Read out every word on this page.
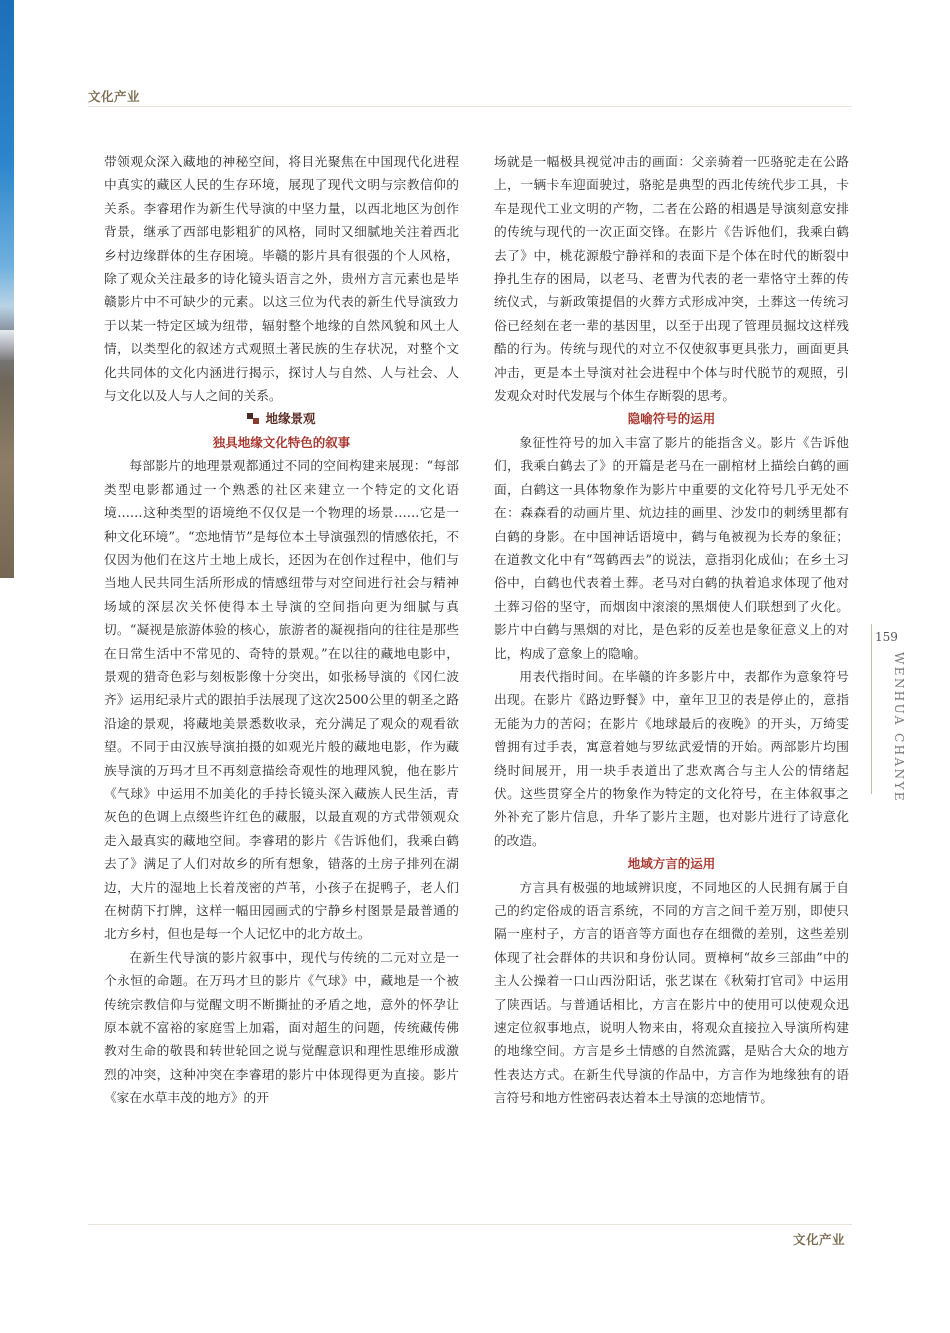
文化产业

带领观众深入藏地的神秘空间，将目光聚焦在中国现代化进程中真实的藏区人民的生存环境，展现了现代文明与宗教信仰的关系。李睿珺作为新生代导演的中坚力量，以西北地区为创作背景，继承了西部电影粗犷的风格，同时又细腻地关注着西北乡村边缘群体的生存困境。毕赣的影片具有很强的个人风格，除了观众关注最多的诗化镜头语言之外，贵州方言元素也是毕赣影片中不可缺少的元素。以这三位为代表的新生代导演致力于以某一特定区域为纽带，辐射整个地缘的自然风貌和风土人情，以类型化的叙述方式观照土著民族的生存状况，对整个文化共同体的文化内涵进行揭示，探讨人与自然、人与社会、人与文化以及人与人之间的关系。

地缘景观
独具地缘文化特色的叙事

每部影片的地理景观都通过不同的空间构建来展现：“每部类型电影都通过一个熟悉的社区来建立一个特定的文化语境……这种类型的语境绝不仅仅是一个物理的场景……它是一种文化环境”。“恋地情节”是每位本土导演强烈的情感依托，不仅因为他们在这片土地上成长，还因为在创作过程中，他们与当地人民共同生活所形成的情感纽带与对空间进行社会与精神场域的深层次关怀使得本土导演的空间指向更为细腻与真切。“凝视是旅游体验的核心，旅游者的凝视指向的往往是那些在日常生活中不常见的、奇特的景观。”在以往的藏地电影中，景观的猎奇色彩与刻板影像十分突出，如张杨导演的《冈仁波齐》运用纪录片式的跟拍手法展现了这次2500公里的朝圣之路沿途的景观，将藏地美景悉数收录，充分满足了观众的观看欲望。不同于由汉族导演拍摄的如观光片般的藏地电影，作为藏族导演的万玛才旦不再刻意描绘奇观性的地理风貌，他在影片《气球》中运用不加美化的手持长镜头深入藏族人民生活，青灰色的色调上点缀些许红色的藏服，以最直观的方式带领观众走入最真实的藏地空间。李睿珺的影片《告诉他们，我乘白鹤去了》满足了人们对故乡的所有想象，错落的土房子排列在湖边，大片的湿地上长着茂密的芦苇，小孩子在捉鸭子，老人们在树荫下打牌，这样一幅田园画式的宁静乡村图景是最普通的北方乡村，但也是每一个人记忆中的北方故土。

在新生代导演的影片叙事中，现代与传统的二元对立是一个永恒的命题。在万玛才旦的影片《气球》中，藏地是一个被传统宗教信仰与觉醒文明不断撕扯的矛盾之地，意外的怀孕让原本就不富裕的家庭雪上加霜，面对超生的问题，传统藏传佛教对生命的敬畏和转世轮回之说与觉醒意识和理性思维形成激烈的冲突，这种冲突在李睿珺的影片中体现得更为直接。影片《家在水草丰茂的地方》的开

场就是一幅极具视觉冲击的画面：父亲骑着一匹骆驼走在公路上，一辆卡车迎面驶过，骆驼是典型的西北传统代步工具，卡车是现代工业文明的产物，二者在公路的相遇是导演刻意安排的传统与现代的一次正面交锋。在影片《告诉他们，我乘白鹤去了》中，桃花源般宁静祥和的表面下是个体在时代的断裂中挣扎生存的困局，以老马、老曹为代表的老一辈恪守土葬的传统仪式，与新政策提倡的火葬方式形成冲突，土葬这一传统习俗已经刻在老一辈的基因里，以至于出现了管理员掘坟这样残酷的行为。传统与现代的对立不仅使叙事更具张力，画面更具冲击，更是本土导演对社会进程中个体与时代脱节的观照，引发观众对时代发展与个体生存断裂的思考。

隐喻符号的运用

象征性符号的加入丰富了影片的能指含义。影片《告诉他们，我乘白鹤去了》的开篇是老马在一副棺材上描绘白鹤的画面，白鹤这一具体物象作为影片中重要的文化符号几乎无处不在：森森看的动画片里、炕边挂的画里、沙发巾的刺绣里都有白鹤的身影。在中国神话语境中，鹤与龟被视为长寿的象征；在道教文化中有“驾鹤西去”的说法，意指羽化成仙；在乡土习俗中，白鹤也代表着土葬。老马对白鹤的执着追求体现了他对土葬习俗的坚守，而烟囱中滚滚的黑烟使人们联想到了火化。影片中白鹤与黑烟的对比，是色彩的反差也是象征意义上的对比，构成了意象上的隐喻。

用表代指时间。在毕赣的许多影片中，表都作为意象符号出现。在影片《路边野餐》中，童年卫卫的表是停止的，意指无能为力的苦闷；在影片《地球最后的夜晚》的开头，万绮雯曾拥有过手表，寓意着她与罗纮武爱情的开始。两部影片均围绕时间展开，用一块手表道出了悲欢离合与主人公的情绪起伏。这些贯穿全片的物象作为特定的文化符号，在主体叙事之外补充了影片信息，升华了影片主题，也对影片进行了诗意化的改造。

地域方言的运用

方言具有极强的地域辨识度，不同地区的人民拥有属于自己的约定俗成的语言系统，不同的方言之间千差万别，即使只隔一座村子，方言的语音等方面也存在细微的差别，这些差别体现了社会群体的共识和身份认同。贾樟柯“故乡三部曲”中的主人公操着一口山西汾阳话，张艺谋在《秋菊打官司》中运用了陕西话。与普通话相比，方言在影片中的使用可以使观众迅速定位叙事地点，说明人物来由，将观众直接拉入导演所构建的地缘空间。方言是乡土情感的自然流露，是贴合大众的地方性表达方式。在新生代导演的作品中，方言作为地缘独有的语言符号和地方性密码表达着本土导演的恋地情节。

159
WENHUA CHANYE
文化产业
